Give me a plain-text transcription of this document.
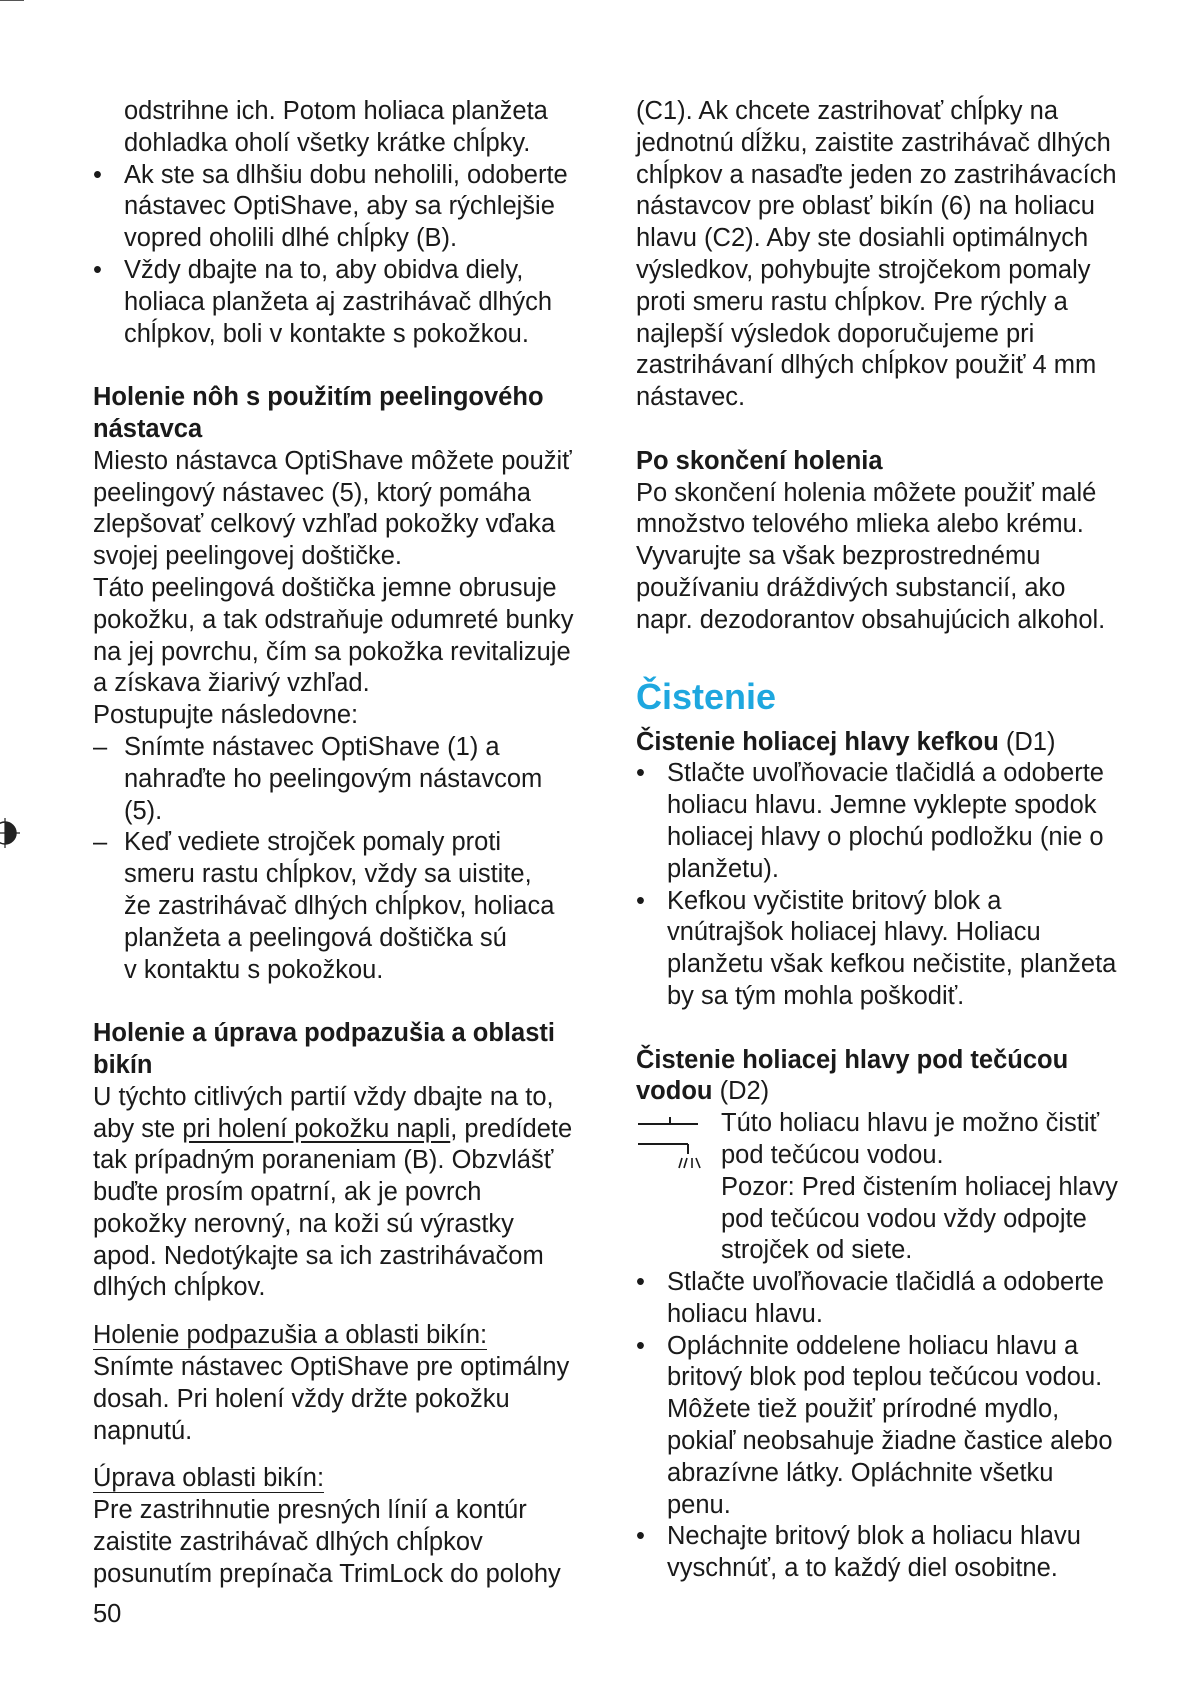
odstrihne ich. Potom holiaca planžeta

dohladka oholí všetky krátke chĺpky.

• Ak ste sa dlhšiu dobu neholili, odoberte

nástavec OptiShave, aby sa rýchlejšie

vopred oholili dlhé chĺpky (B).

• Vždy dbajte na to, aby obidva diely,

holiaca planžeta aj zastrihávač dlhých

chĺpkov, boli v kontakte s pokožkou.

Holenie nôh s použitím peelingového

nástavca

Miesto nástavca OptiShave môžete použiť

peelingový nástavec (5), ktorý pomáha

zlepšovať celkový vzhľad pokožky vďaka

svojej peelingovej doštičke.

Táto peelingová doštička jemne obrusuje

pokožku, a tak odstraňuje odumreté bunky

na jej povrchu, čím sa pokožka revitalizuje

a získava žiarivý vzhľad.

Postupujte následovne:

– Snímte nástavec OptiShave (1) a

nahraďte ho peelingovým nástavcom

(5).

– Keď vediete strojček pomaly proti

smeru rastu chĺpkov, vždy sa uistite,

že zastrihávač dlhých chĺpkov, holiaca

planžeta a peelingová doštička sú

v kontaktu s pokožkou.

Holenie a úprava podpazušia a oblasti

bikín

U týchto citlivých partií vždy dbajte na to,

aby ste pri holení pokožku napli, predídete

tak prípadným poraneniam (B). Obzvlášť

buďte prosím opatrní, ak je povrch

pokožky nerovný, na koži sú výrastky

apod. Nedotýkajte sa ich zastrihávačom

dlhých chĺpkov.

Holenie podpazušia a oblasti bikín:

Snímte nástavec OptiShave pre optimálny

dosah. Pri holení vždy držte pokožku

napnutú.

Úprava oblasti bikín:

Pre zastrihnutie presných línií a kontúr

zaistite zastrihávač dlhých chĺpkov

posunutím prepínača TrimLock do polohy

(C1). Ak chcete zastrihovať chĺpky na

jednotnú dĺžku, zaistite zastrihávač dlhých

chĺpkov a nasaďte jeden zo zastrihávacích

nástavcov pre oblasť bikín (6) na holiacu

hlavu (C2). Aby ste dosiahli optimálnych

výsledkov, pohybujte strojčekom pomaly

proti smeru rastu chĺpkov. Pre rýchly a

najlepší výsledok doporučujeme pri

zastrihávaní dlhých chĺpkov použiť 4 mm

nástavec.

Po skončení holenia

Po skončení holenia môžete použiť malé

množstvo telového mlieka alebo krému.

Vyvarujte sa však bezprostrednému

používaniu dráždivých substancií, ako

napr. dezodorantov obsahujúcich alkohol.

Čistenie

Čistenie holiacej hlavy kefkou (D1)

• Stlačte uvoľňovacie tlačidlá a odoberte

holiacu hlavu. Jemne vyklepte spodok

holiacej hlavy o plochú podložku (nie o

planžetu).

• Kefkou vyčistite britový blok a

vnútrajšok holiacej hlavy. Holiacu

planžetu však kefkou nečistite, planžeta

by sa tým mohla poškodiť.

Čistenie holiacej hlavy pod tečúcou

vodou (D2)

Túto holiacu hlavu je možno čistiť

pod tečúcou vodou.

Pozor: Pred čistením holiacej hlavy

pod tečúcou vodou vždy odpojte

strojček od siete.

• Stlačte uvoľňovacie tlačidlá a odoberte

holiacu hlavu.

• Opláchnite oddelene holiacu hlavu a

britový blok pod teplou tečúcou vodou.

Môžete tiež použiť prírodné mydlo,

pokiaľ neobsahuje žiadne častice alebo

abrazívne látky. Opláchnite všetku

penu.

• Nechajte britový blok a holiacu hlavu

vyschnúť, a to každý diel osobitne.

50
